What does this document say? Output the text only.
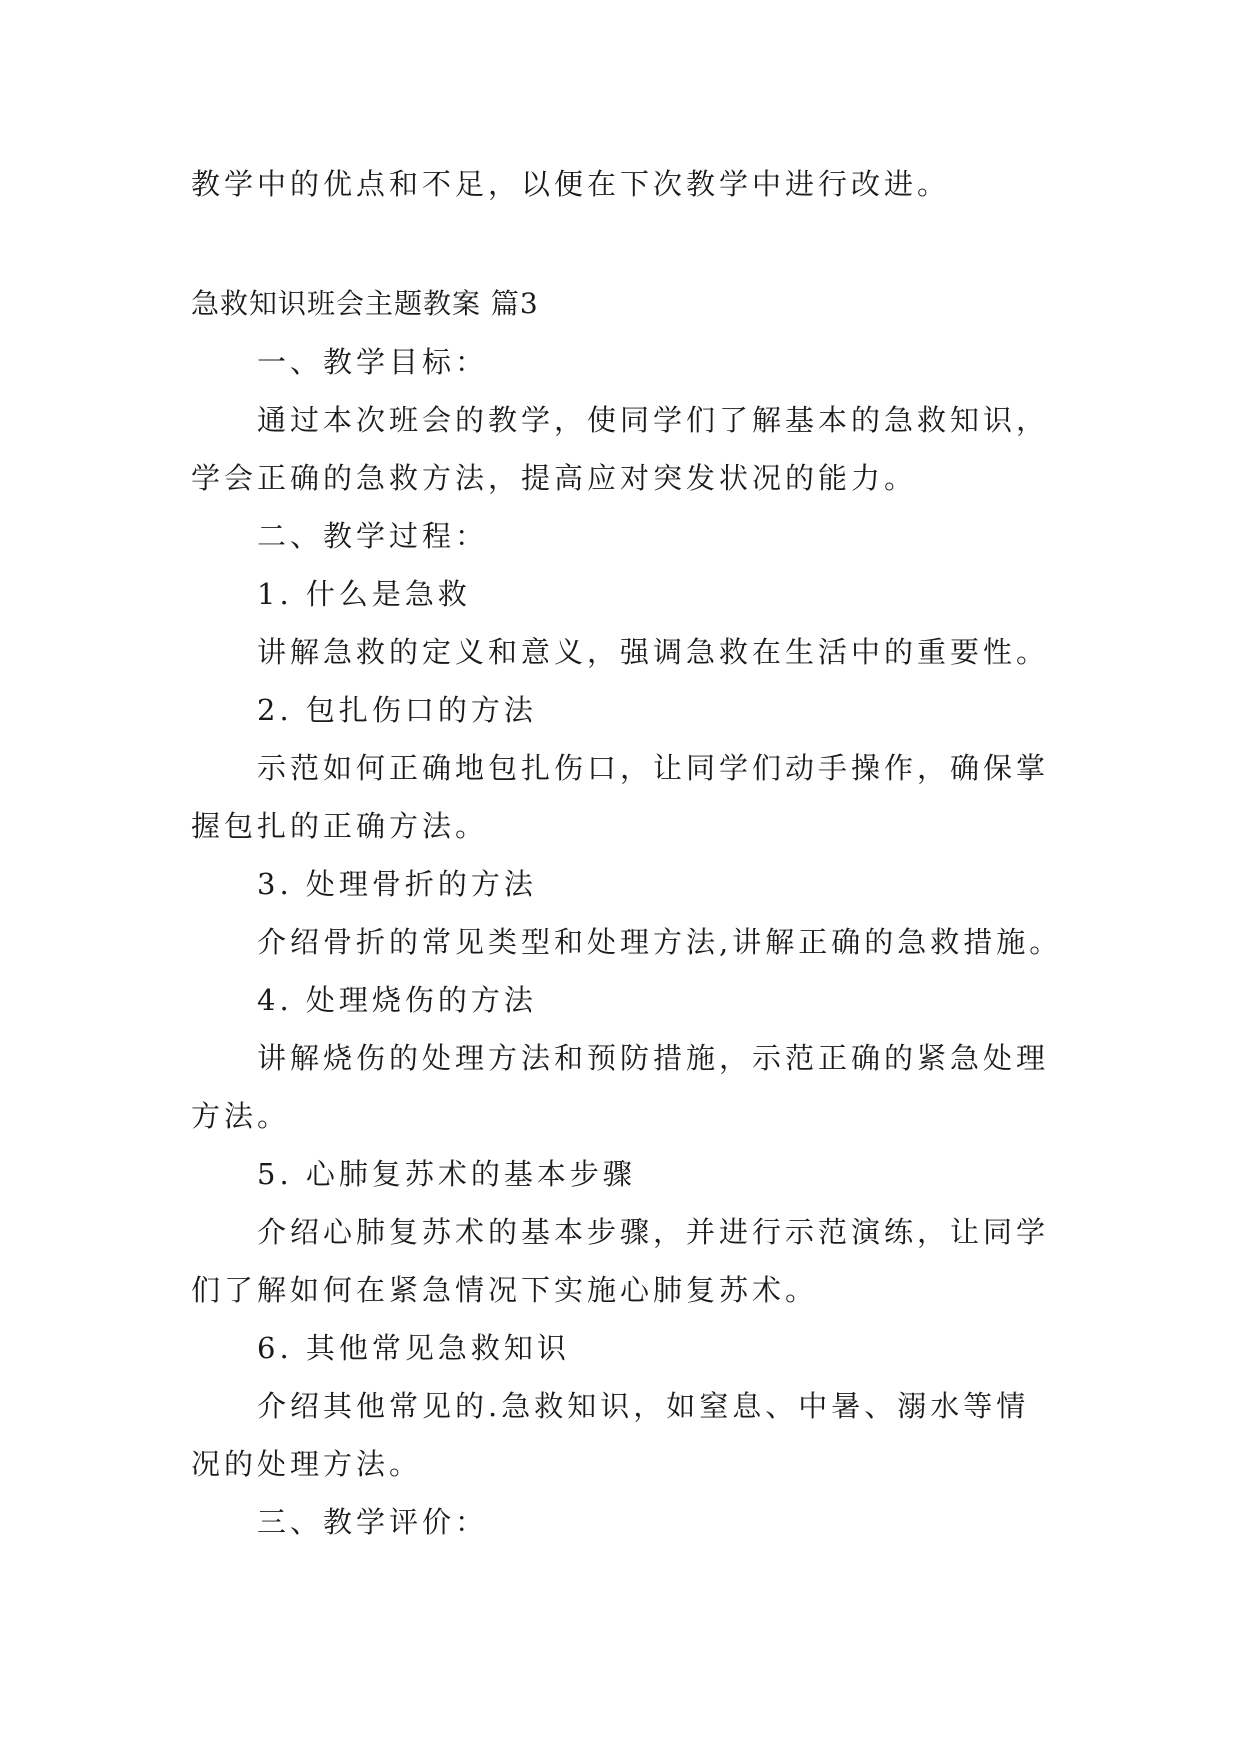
教学中的优点和不足，以便在下次教学中进行改进。
急救知识班会主题教案 篇3
一、教学目标：
通过本次班会的教学，使同学们了解基本的急救知识，
学会正确的急救方法，提高应对突发状况的能力。
二、教学过程：
1. 什么是急救
讲解急救的定义和意义，强调急救在生活中的重要性。
2. 包扎伤口的方法
示范如何正确地包扎伤口，让同学们动手操作，确保掌
握包扎的正确方法。
3. 处理骨折的方法
介绍骨折的常见类型和处理方法,讲解正确的急救措施。
4. 处理烧伤的方法
讲解烧伤的处理方法和预防措施，示范正确的紧急处理
方法。
5. 心肺复苏术的基本步骤
介绍心肺复苏术的基本步骤，并进行示范演练，让同学
们了解如何在紧急情况下实施心肺复苏术。
6. 其他常见急救知识
介绍其他常见的.急救知识，如窒息、中暑、溺水等情
况的处理方法。
三、教学评价：
